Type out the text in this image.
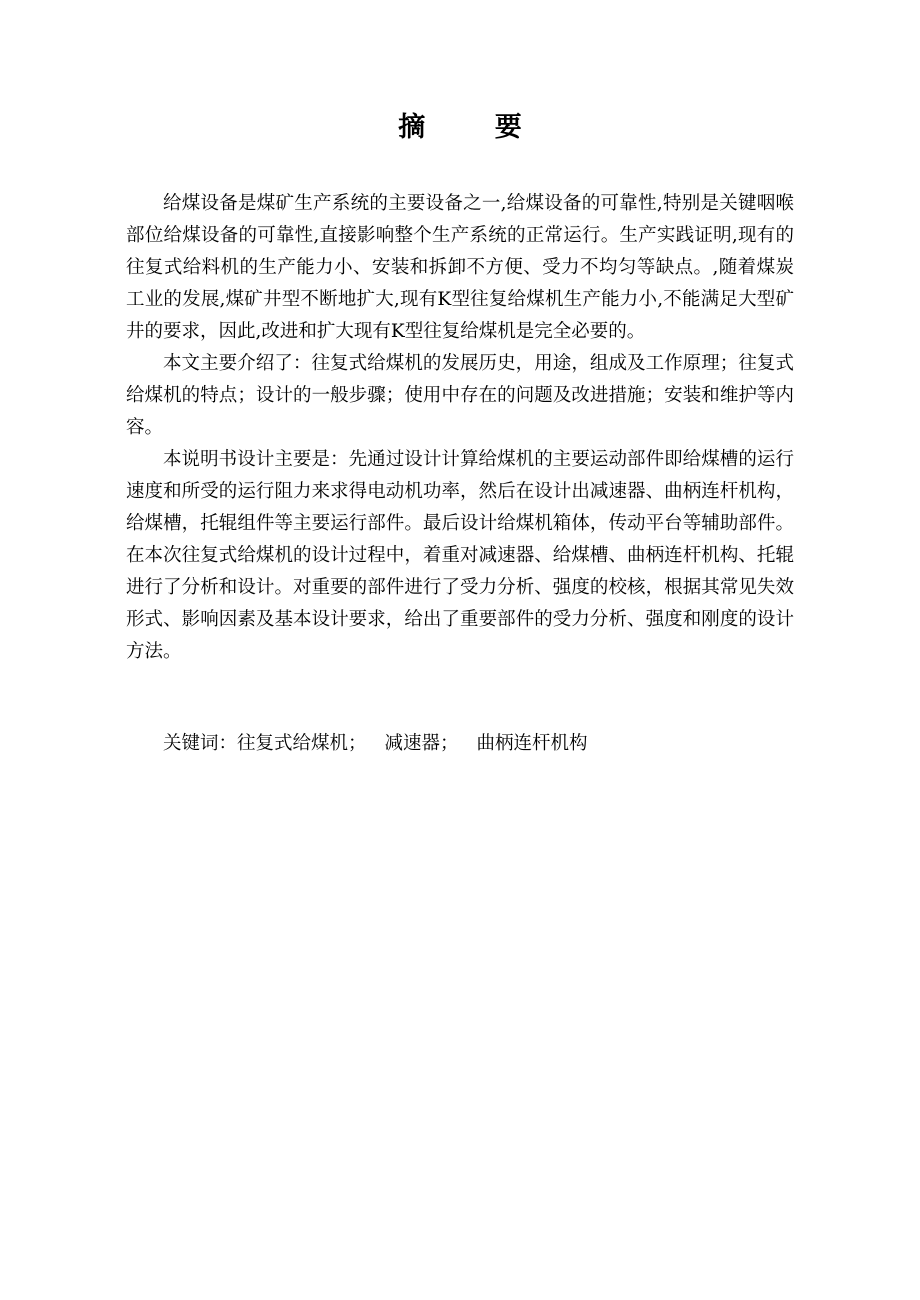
摘 要

给煤设备是煤矿生产系统的主要设备之一,给煤设备的可靠性,特别是关键咽喉部位给煤设备的可靠性,直接影响整个生产系统的正常运行。生产实践证明,现有的往复式给料机的生产能力小、安装和拆卸不方便、受力不均匀等缺点。,随着煤炭工业的发展,煤矿井型不断地扩大,现有K型往复给煤机生产能力小,不能满足大型矿井的要求，因此,改进和扩大现有K型往复给煤机是完全必要的。

本文主要介绍了：往复式给煤机的发展历史，用途，组成及工作原理；往复式给煤机的特点；设计的一般步骤；使用中存在的问题及改进措施；安装和维护等内容。

本说明书设计主要是：先通过设计计算给煤机的主要运动部件即给煤槽的运行速度和所受的运行阻力来求得电动机功率，然后在设计出减速器、曲柄连杆机构，给煤槽，托辊组件等主要运行部件。最后设计给煤机箱体，传动平台等辅助部件。在本次往复式给煤机的设计过程中，着重对减速器、给煤槽、曲柄连杆机构、托辊进行了分析和设计。对重要的部件进行了受力分析、强度的校核，根据其常见失效形式、影响因素及基本设计要求，给出了重要部件的受力分析、强度和刚度的设计方法。

关键词：往复式给煤机； 减速器； 曲柄连杆机构
